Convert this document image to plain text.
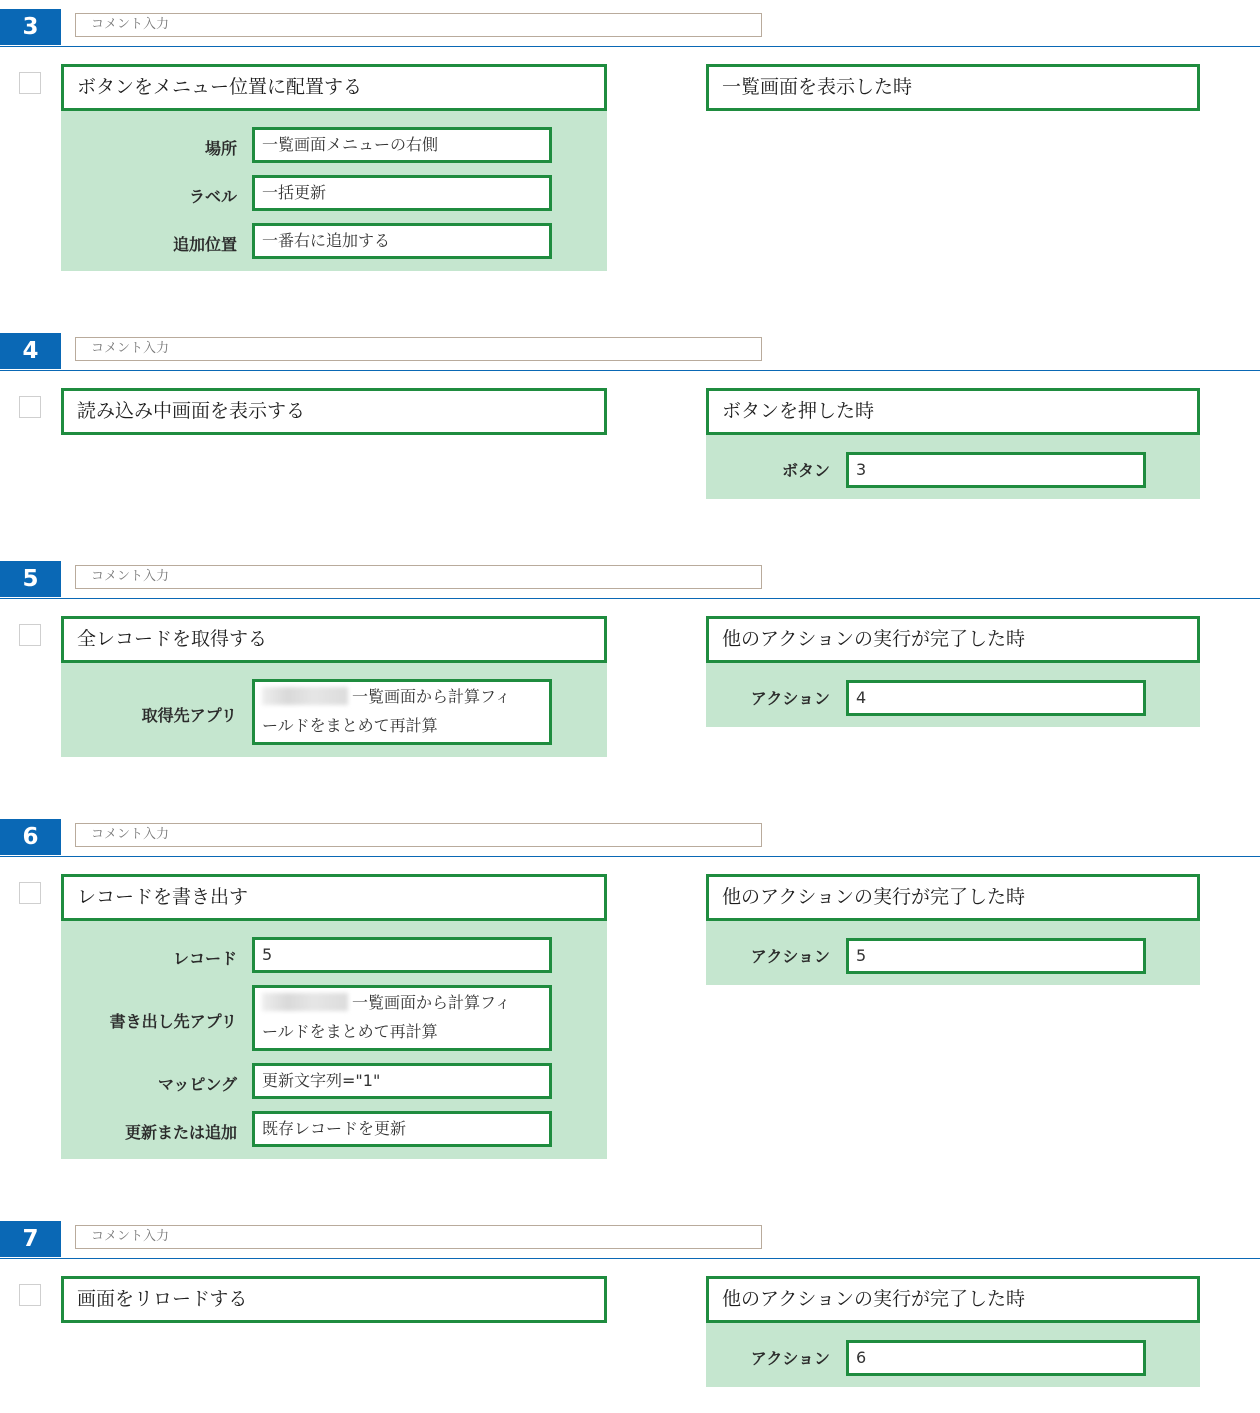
3	コメント入力
ボタンをメニュー位置に配置する
場所	一覧画面メニューの右側
ラベル	一括更新
追加位置	一番右に追加する
一覧画面を表示した時
4	コメント入力
読み込み中画面を表示する	ボタンを押した時
ボタン	3
5	コメント入力
全レコードを取得する
取得先アプリ
一覧画面から計算フィ
ールドをまとめて再計算
他のアクションの実行が完了した時
アクション	4
6	コメント入力
レコードを書き出す
レコード	5
書き出し先アプリ
一覧画面から計算フィ
ールドをまとめて再計算
マッピング	更新文字列="1"
更新または追加	既存レコードを更新
他のアクションの実行が完了した時
アクション	5
7	コメント入力
画面をリロードする	他のアクションの実行が完了した時
アクション	6
